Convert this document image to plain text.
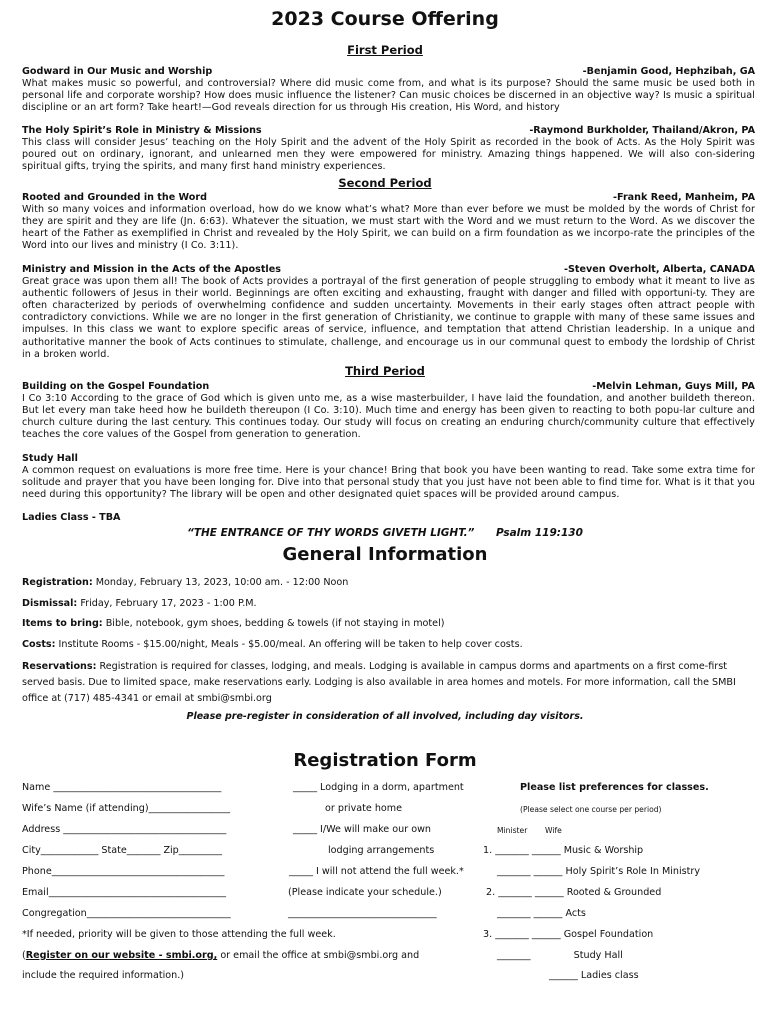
2023 Course Offering
First Period
Godward in Our Music and Worship	-Benjamin Good, Hephzibah, GA
What makes music so powerful, and controversial? Where did music come from, and what is its purpose? Should the same music be used both in personal life and corporate worship? How does music influence the listener? Can music choices be discerned in an objective way? Is music a spiritual discipline or an art form? Take heart!—God reveals direction for us through His creation, His Word, and history
The Holy Spirit’s Role in Ministry & Missions	-Raymond Burkholder, Thailand/Akron, PA
This class will consider Jesus’ teaching on the Holy Spirit and the advent of the Holy Spirit as recorded in the book of Acts. As the Holy Spirit was poured out on ordinary, ignorant, and unlearned men they were empowered for ministry. Amazing things happened. We will also con-sidering spiritual gifts, trying the spirits, and many first hand ministry experiences.
Second Period
Rooted and Grounded in the Word	-Frank Reed, Manheim, PA
With so many voices and information overload, how do we know what’s what? More than ever before we must be molded by the words of Christ for they are spirit and they are life (Jn. 6:63). Whatever the situation, we must start with the Word and we must return to the Word. As we discover the heart of the Father as exemplified in Christ and revealed by the Holy Spirit, we can build on a firm foundation as we incorpo-rate the principles of the Word into our lives and ministry (I Co. 3:11).
Ministry and Mission in the Acts of the Apostles	-Steven Overholt, Alberta, CANADA
Great grace was upon them all! The book of Acts provides a portrayal of the first generation of people struggling to embody what it meant to live as authentic followers of Jesus in their world. Beginnings are often exciting and exhausting, fraught with danger and filled with opportuni-ty. They are often characterized by periods of overwhelming confidence and sudden uncertainty. Movements in their early stages often attract people with contradictory convictions. While we are no longer in the first generation of Christianity, we continue to grapple with many of these same issues and impulses. In this class we want to explore specific areas of service, influence, and temptation that attend Christian leadership. In a unique and authoritative manner the book of Acts continues to stimulate, challenge, and encourage us in our communal quest to embody the lordship of Christ in a broken world.
Third Period
Building on the Gospel Foundation	-Melvin Lehman, Guys Mill, PA
I Co 3:10 According to the grace of God which is given unto me, as a wise masterbuilder, I have laid the foundation, and another buildeth thereon. But let every man take heed how he buildeth thereupon (I Co. 3:10). Much time and energy has been given to reacting to both popu-lar culture and church culture during the last century. This continues today. Our study will focus on creating an enduring church/community culture that effectively teaches the core values of the Gospel from generation to generation.
Study Hall
A common request on evaluations is more free time. Here is your chance! Bring that book you have been wanting to read. Take some extra time for solitude and prayer that you have been longing for. Dive into that personal study that you just have not been able to find time for. What is it that you need during this opportunity? The library will be open and other designated quiet spaces will be provided around campus.
Ladies Class - TBA
“THE ENTRANCE OF THY WORDS GIVETH LIGHT.” Psalm 119:130
General Information
Registration: Monday, February 13, 2023, 10:00 am. - 12:00 Noon
Dismissal: Friday, February 17, 2023 - 1:00 P.M.
Items to bring: Bible, notebook, gym shoes, bedding & towels (if not staying in motel)
Costs: Institute Rooms - $15.00/night, Meals - $5.00/meal. An offering will be taken to help cover costs.
Reservations: Registration is required for classes, lodging, and meals. Lodging is available in campus dorms and apartments on a first come-first served basis. Due to limited space, make reservations early. Lodging is also available in area homes and motels. For more information, call the SMBI office at (717) 485-4341 or email at smbi@smbi.org
Please pre-register in consideration of all involved, including day visitors.
Registration Form
Name ___________________________________
Wife’s Name (if attending)_________________
Address __________________________________
City____________ State_______ Zip_________
Phone____________________________________
Email_____________________________________
Congregation______________________________
*If needed, priority will be given to those attending the full week.
(Register on our website - smbi.org, or email the office at smbi@smbi.org and
include the required information.)
_____ Lodging in a dorm, apartment
or private home
_____ I/We will make our own
lodging arrangements
_____ I will not attend the full week.*
(Please indicate your schedule.)
_______________________________
Please list preferences for classes.
(Please select one course per period)
Minister Wife
1. _______ ______ Music & Worship
_______ ______ Holy Spirit’s Role In Ministry
2. _______ ______ Rooted & Grounded
_______ ______ Acts
3. _______ ______ Gospel Foundation
_______	Study Hall
______ Ladies class
